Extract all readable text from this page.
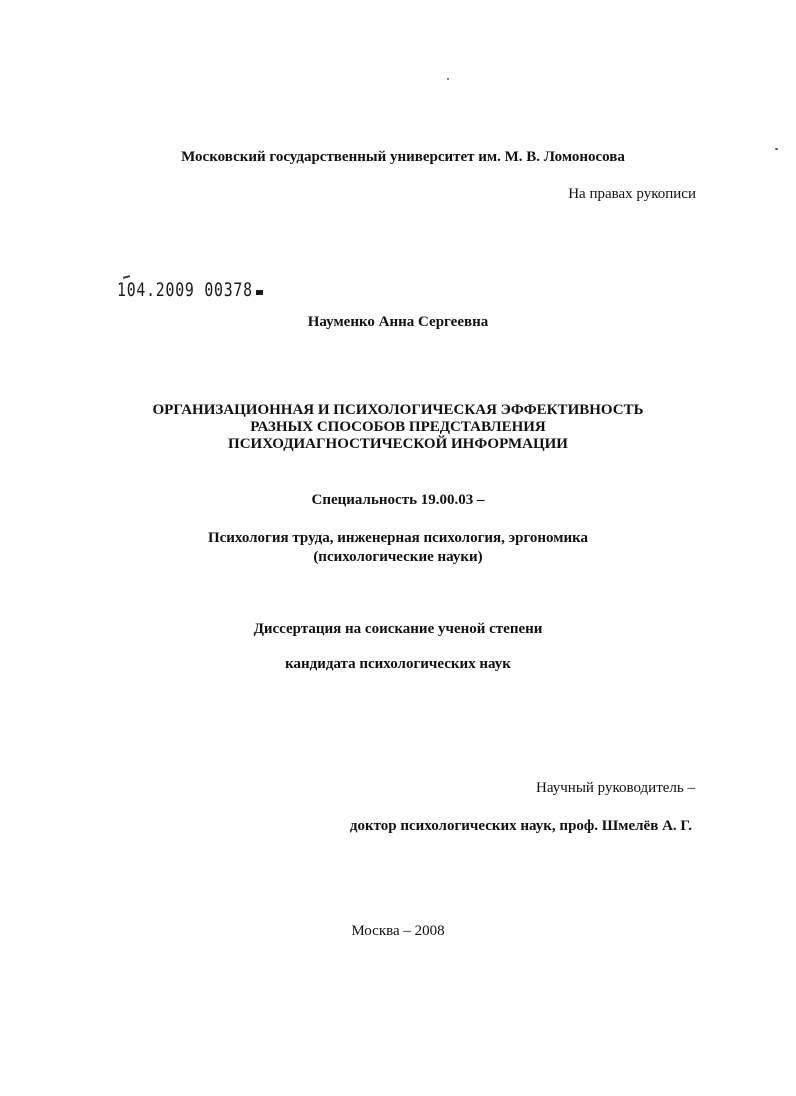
Московский государственный университет им. М. В. Ломоносова
На правах рукописи
104.2009 00378
Науменко Анна Сергеевна
ОРГАНИЗАЦИОННАЯ И ПСИХОЛОГИЧЕСКАЯ ЭФФЕКТИВНОСТЬ
РАЗНЫХ СПОСОБОВ ПРЕДСТАВЛЕНИЯ
ПСИХОДИАГНОСТИЧЕСКОЙ ИНФОРМАЦИИ
Специальность 19.00.03 –
Психология труда, инженерная психология, эргономика
(психологические науки)
Диссертация на соискание ученой степени
кандидата психологических наук
Научный руководитель –
доктор психологических наук, проф. Шмелёв А. Г.
Москва – 2008
